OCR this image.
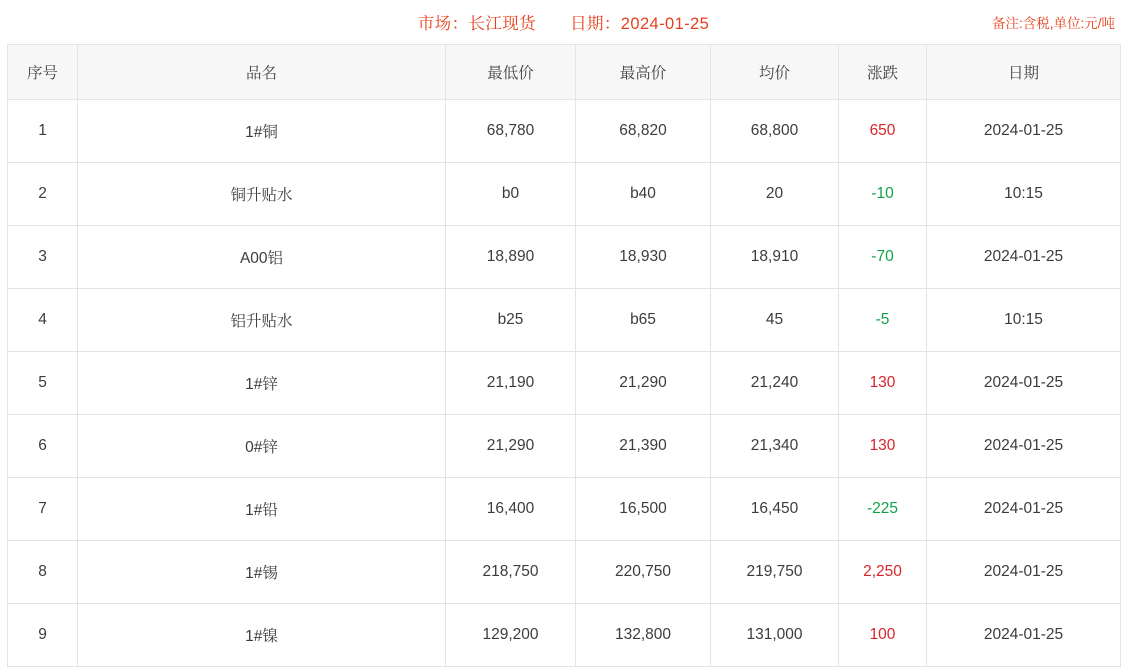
市场：长江现货 日期：2024-01-25	备注:含税,单位:元/吨
序号	品名	最低价	最高价	均价	涨跌	日期
1	1#铜	68,780	68,820	68,800	650	2024-01-25
2	铜升贴水	b0	b40	20	-10	10:15
3	A00铝	18,890	18,930	18,910	-70	2024-01-25
4	铝升贴水	b25	b65	45	-5	10:15
5	1#锌	21,190	21,290	21,240	130	2024-01-25
6	0#锌	21,290	21,390	21,340	130	2024-01-25
7	1#铅	16,400	16,500	16,450	-225	2024-01-25
8	1#锡	218,750	220,750	219,750	2,250	2024-01-25
9	1#镍	129,200	132,800	131,000	100	2024-01-25
